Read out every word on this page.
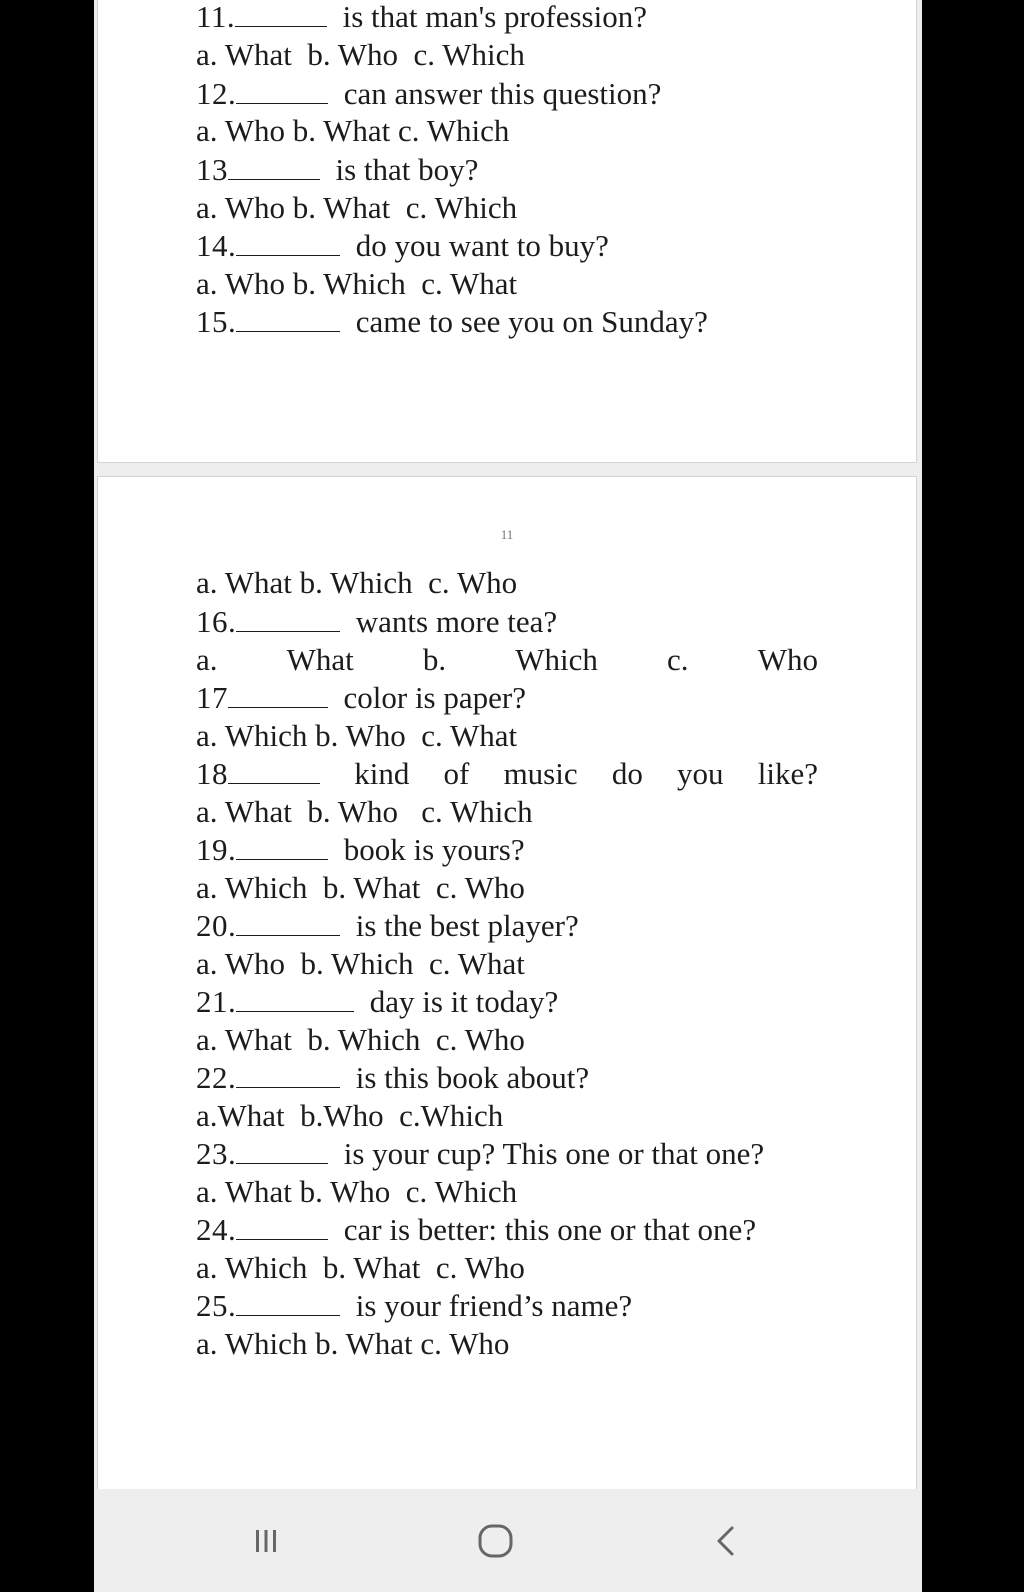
11.	is that man's profession?
a. What  b. Who  c. Which
12.	can answer this question?
a. Who b. What c. Which
13	is that boy?
a. Who b. What  c. Which
14.	do you want to buy?
a. Who b. Which  c. What
15.	came to see you on Sunday?
11
a. What b. Which  c. Who
16.	wants more tea?
a. What b. Which c. Who
17	color is paper?
a. Which b. Who  c. What
18	kind of music do you like?
a. What  b. Who   c. Which
19.	book is yours?
a. Which  b. What  c. Who
20.	is the best player?
a. Who  b. Which  c. What
21.	day is it today?
a. What  b. Which  c. Who
22.	is this book about?
a.What  b.Who  c.Which
23.	is your cup? This one or that one?
a. What b. Who  c. Which
24.	car is better: this one or that one?
a. Which  b. What  c. Who
25.	is your friend’s name?
a. Which b. What c. Who
